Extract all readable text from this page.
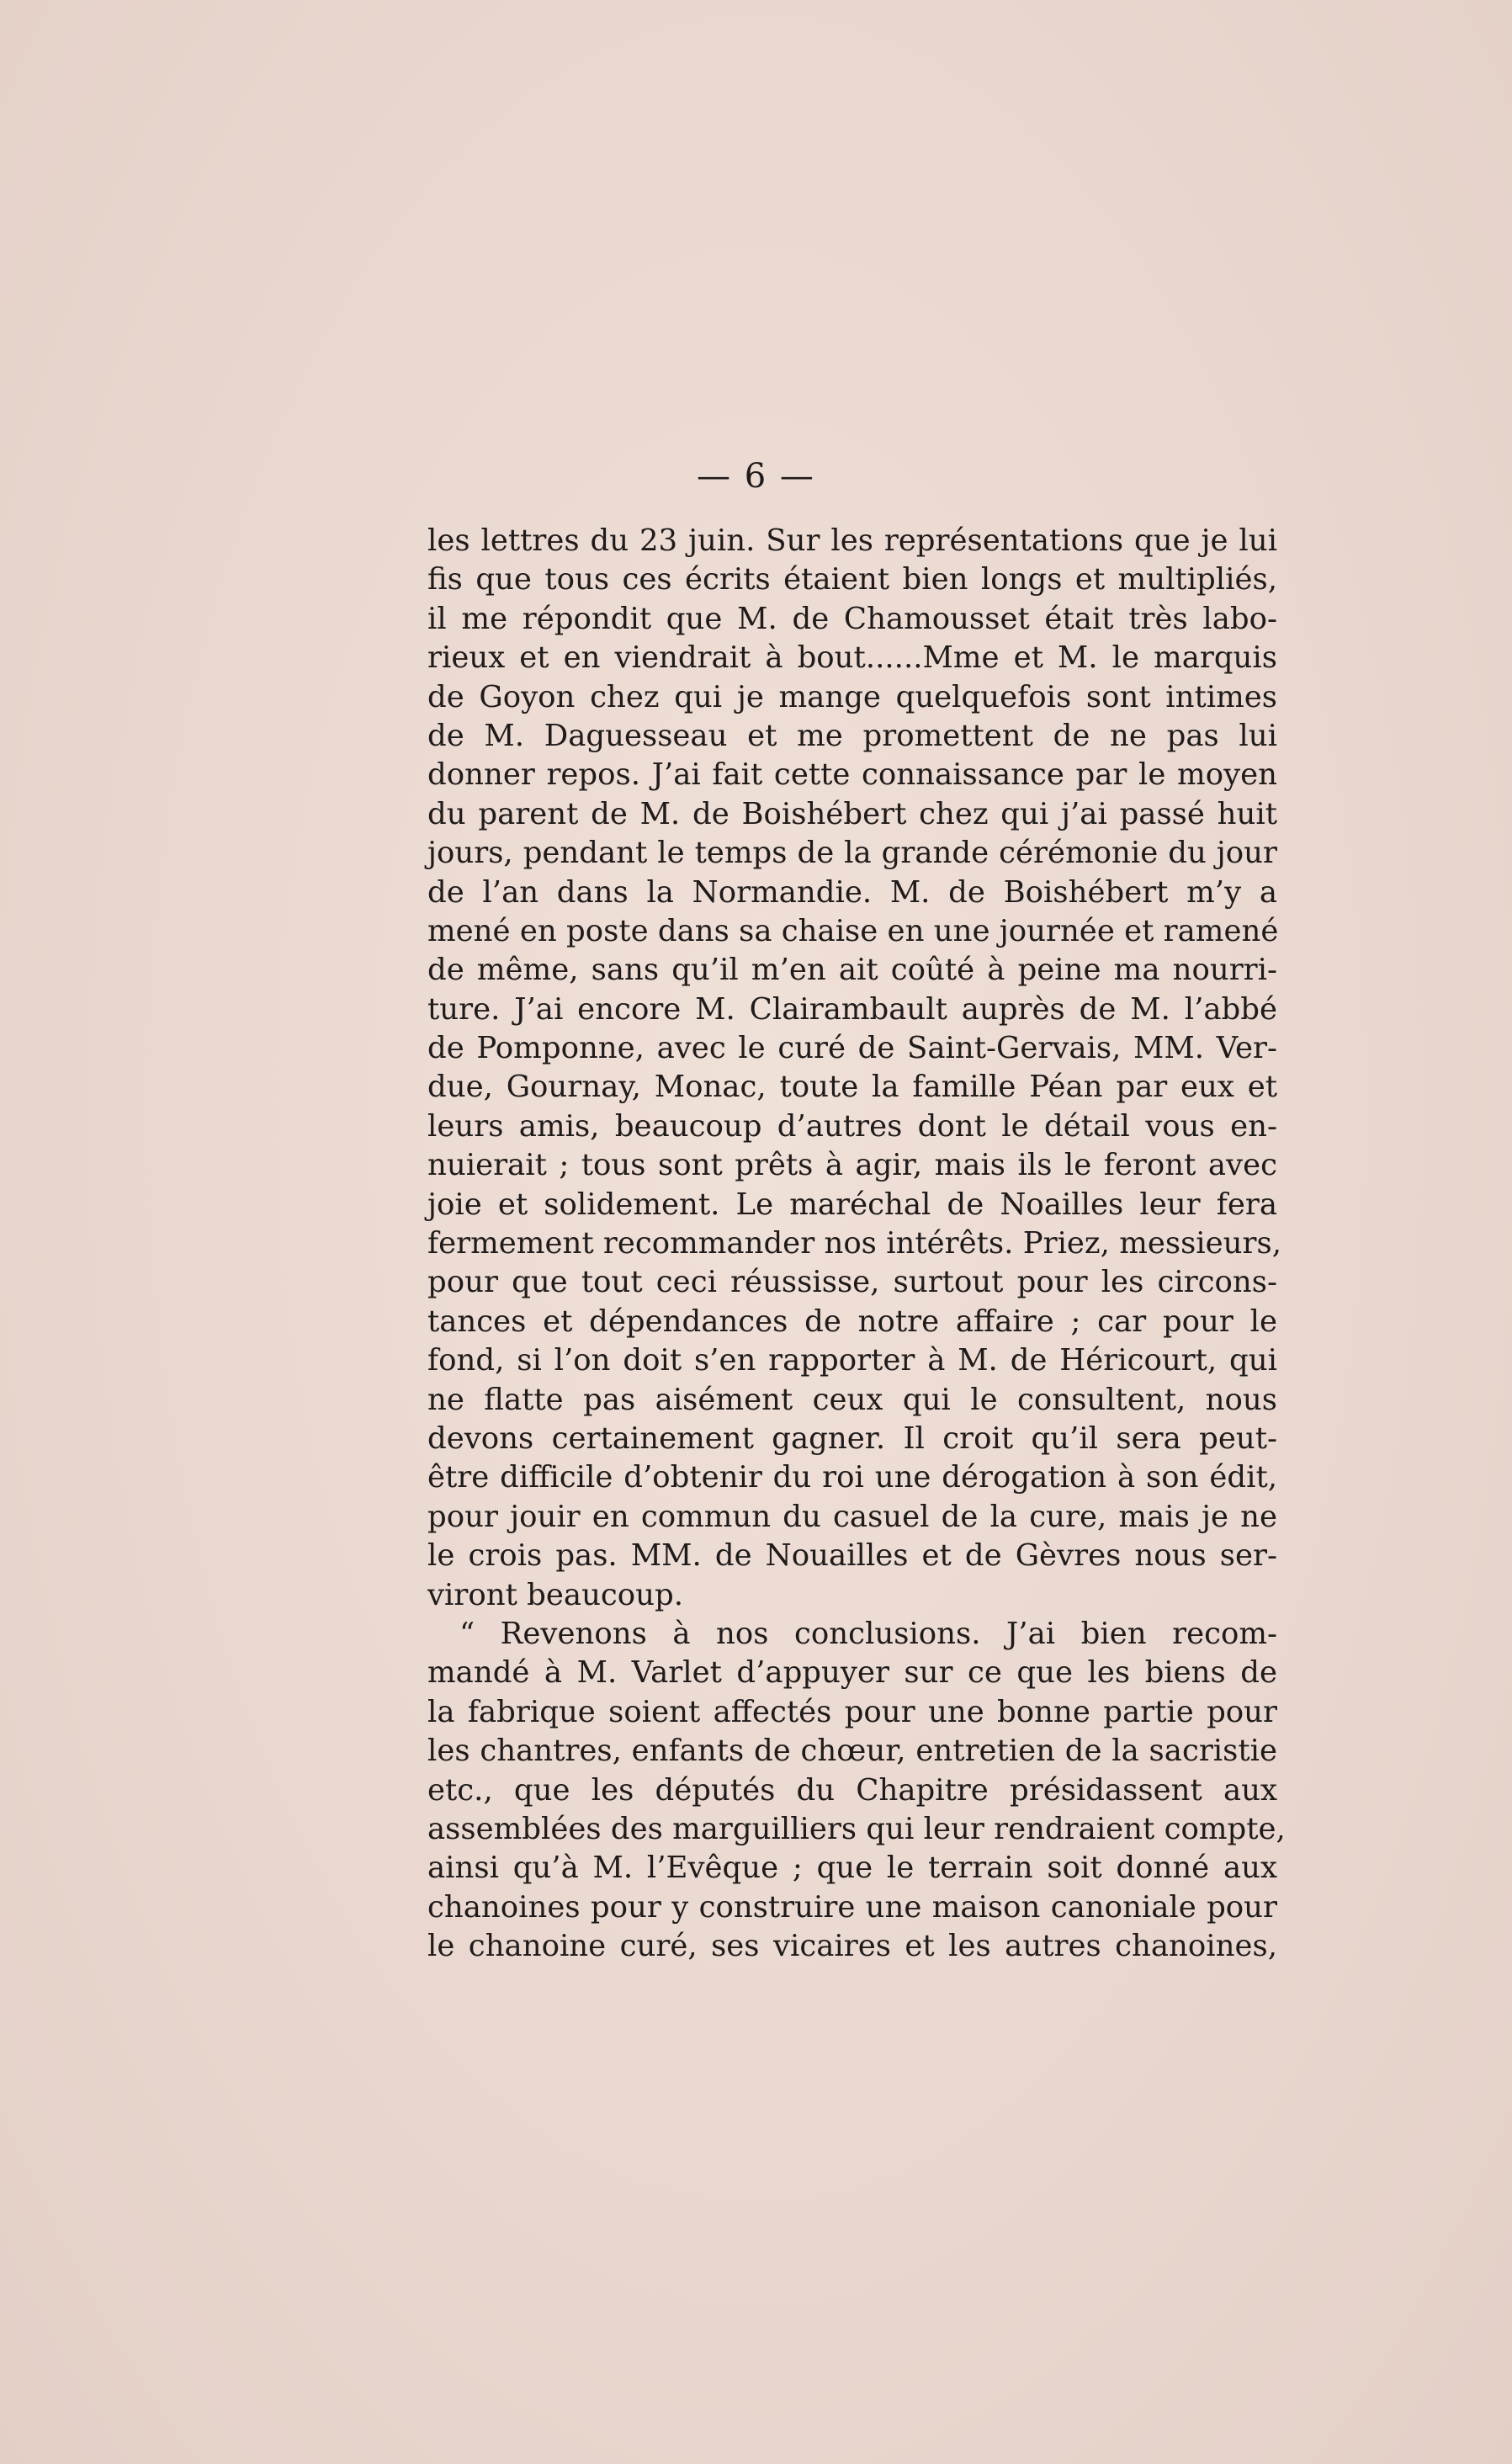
— 6 —
les lettres du 23 juin. Sur les représentations que je lui
fis que tous ces écrits étaient bien longs et multipliés,
il me répondit que M. de Chamousset était très labo-
rieux et en viendrait à bout......Mme et M. le marquis
de Goyon chez qui je mange quelquefois sont intimes
de M. Daguesseau et me promettent de ne pas lui
donner repos. J’ai fait cette connaissance par le moyen
du parent de M. de Boishébert chez qui j’ai passé huit
jours, pendant le temps de la grande cérémonie du jour
de l’an dans la Normandie. M. de Boishébert m’y a
mené en poste dans sa chaise en une journée et ramené
de même, sans qu’il m’en ait coûté à peine ma nourri-
ture. J’ai encore M. Clairambault auprès de M. l’abbé
de Pomponne, avec le curé de Saint-Gervais, MM. Ver-
due, Gournay, Monac, toute la famille Péan par eux et
leurs amis, beaucoup d’autres dont le détail vous en-
nuierait ; tous sont prêts à agir, mais ils le feront avec
joie et solidement. Le maréchal de Noailles leur fera
fermement recommander nos intérêts. Priez, messieurs,
pour que tout ceci réussisse, surtout pour les circons-
tances et dépendances de notre affaire ; car pour le
fond, si l’on doit s’en rapporter à M. de Héricourt, qui
ne flatte pas aisément ceux qui le consultent, nous
devons certainement gagner. Il croit qu’il sera peut-
être difficile d’obtenir du roi une dérogation à son édit,
pour jouir en commun du casuel de la cure, mais je ne
le crois pas. MM. de Nouailles et de Gèvres nous ser-
viront beaucoup.
“ Revenons à nos conclusions. J’ai bien recom-
mandé à M. Varlet d’appuyer sur ce que les biens de
la fabrique soient affectés pour une bonne partie pour
les chantres, enfants de chœur, entretien de la sacristie
etc., que les députés du Chapitre présidassent aux
assemblées des marguilliers qui leur rendraient compte,
ainsi qu’à M. l’Evêque ; que le terrain soit donné aux
chanoines pour y construire une maison canoniale pour
le chanoine curé, ses vicaires et les autres chanoines,
